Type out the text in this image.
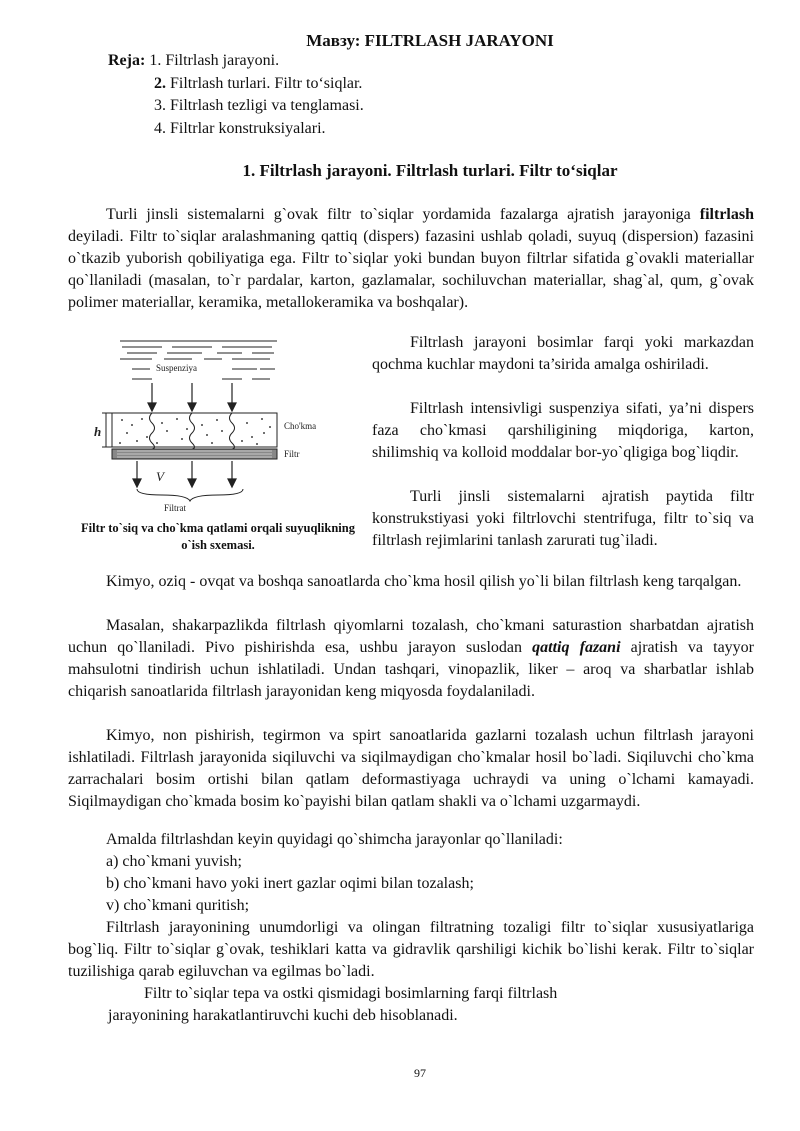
Мавзу: FILTRLASH JARAYONI
Reja: 1. Filtrlash jarayoni.
2. Filtrlash turlari. Filtr to‘siqlar.
3. Filtrlash tezligi va tenglamasi.
4. Filtrlar konstruksiyalari.
1. Filtrlash jarayoni. Filtrlash turlari. Filtr to‘siqlar

Turli jinsli sistemalarni g`ovak filtr to`siqlar yordamida fazalarga ajratish jarayoniga filtrlash deyiladi. Filtr to`siqlar aralashmaning qattiq (dispers) fazasini ushlab qoladi, suyuq (dispersion) fazasini o`tkazib yuborish qobiliyatiga ega. Filtr to`siqlar yoki bundan buyon filtrlar sifatida g`ovakli materiallar qo`llaniladi (masalan, to`r pardalar, karton, gazlamalar, sochiluvchan materiallar, shag`al, qum, g`ovak polimer materiallar, keramika, metallokeramika va boshqalar).

Suspenziya
Cho'kma
h
Filtr
V
Filtrat
Filtr to`siq va cho`kma qatlami orqali suyuqlikning o`ish sxemasi.

Filtrlash jarayoni bosimlar farqi yoki markazdan qochma kuchlar maydoni ta’sirida amalga oshiriladi.

Filtrlash intensivligi suspenziya sifati, ya’ni dispers faza cho`kmasi qarshiligining miqdoriga, karton, shilimshiq va kolloid moddalar bor-yo`qligiga bog`liqdir.

Turli jinsli sistemalarni ajratish paytida filtr konstrukstiyasi yoki filtrlovchi stentrifuga, filtr to`siq va filtrlash rejimlarini tanlash zarurati tug`iladi.

Kimyo, oziq - ovqat va boshqa sanoatlarda cho`kma hosil qilish yo`li bilan filtrlash keng tarqalgan.

Masalan, shakarpazlikda filtrlash qiyomlarni tozalash, cho`kmani saturastion sharbatdan ajratish uchun qo`llaniladi. Pivo pishirishda esa, ushbu jarayon suslodan qattiq fazani ajratish va tayyor mahsulotni tindirish uchun ishlatiladi. Undan tashqari, vinopazlik, liker – aroq va sharbatlar ishlab chiqarish sanoatlarida filtrlash jarayonidan keng miqyosda foydalaniladi.

Kimyo, non pishirish, tegirmon va spirt sanoatlarida gazlarni tozalash uchun filtrlash jarayoni ishlatiladi. Filtrlash jarayonida siqiluvchi va siqilmaydigan cho`kmalar hosil bo`ladi. Siqiluvchi cho`kma zarrachalari bosim ortishi bilan qatlam deformastiyaga uchraydi va uning o`lchami kamayadi. Siqilmaydigan cho`kmada bosim ko`payishi bilan qatlam shakli va o`lchami uzgarmaydi.

Amalda filtrlashdan keyin quyidagi qo`shimcha jarayonlar qo`llaniladi:

a) cho`kmani yuvish;
b) cho`kmani havo yoki inert gazlar oqimi bilan tozalash;
v) cho`kmani quritish;

Filtrlash jarayonining unumdorligi va olingan filtratning tozaligi filtr to`siqlar xususiyatlariga bog`liq. Filtr to`siqlar g`ovak, teshiklari katta va gidravlik qarshiligi kichik bo`lishi kerak. Filtr to`siqlar tuzilishiga qarab egiluvchan va egilmas bo`ladi.

Filtr to`siqlar tepa va ostki qismidagi bosimlarning farqi filtrlash
jarayonining harakatlantiruvchi kuchi deb hisoblanadi.
97
